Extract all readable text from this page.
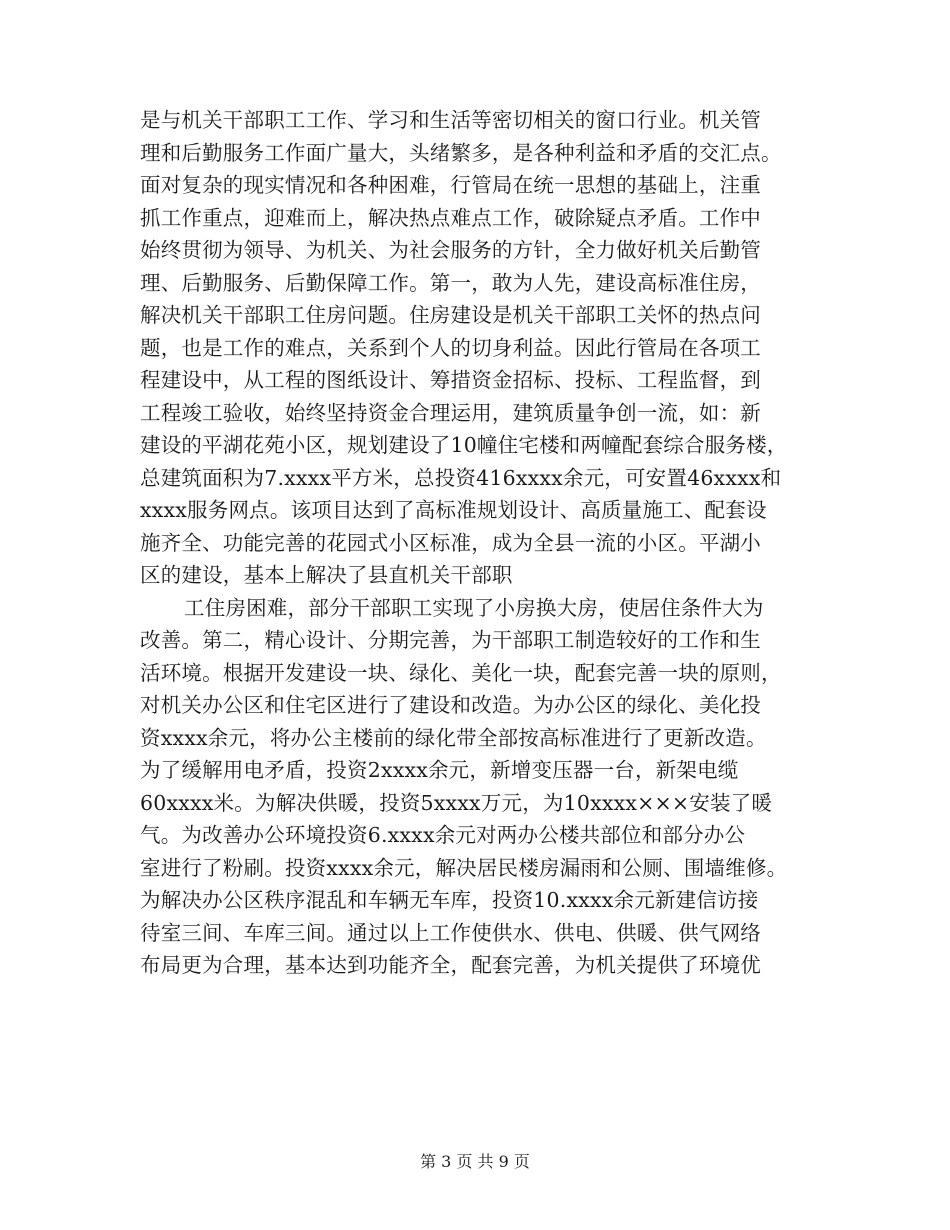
是与机关干部职工工作、学习和生活等密切相关的窗口行业。机关管
理和后勤服务工作面广量大，头绪繁多，是各种利益和矛盾的交汇点。
面对复杂的现实情况和各种困难，行管局在统一思想的基础上，注重
抓工作重点，迎难而上，解决热点难点工作，破除疑点矛盾。工作中
始终贯彻为领导、为机关、为社会服务的方针，全力做好机关后勤管
理、后勤服务、后勤保障工作。第一，敢为人先，建设高标准住房，
解决机关干部职工住房问题。住房建设是机关干部职工关怀的热点问
题，也是工作的难点，关系到个人的切身利益。因此行管局在各项工
程建设中，从工程的图纸设计、筹措资金招标、投标、工程监督，到
工程竣工验收，始终坚持资金合理运用，建筑质量争创一流，如：新
建设的平湖花苑小区，规划建设了10幢住宅楼和两幢配套综合服务楼，
总建筑面积为7.xxxx平方米，总投资416xxxx余元，可安置46xxxx和
xxxx服务网点。该项目达到了高标准规划设计、高质量施工、配套设
施齐全、功能完善的花园式小区标准，成为全县一流的小区。平湖小
区的建设，基本上解决了县直机关干部职
工住房困难，部分干部职工实现了小房换大房，使居住条件大为
改善。第二，精心设计、分期完善，为干部职工制造较好的工作和生
活环境。根据开发建设一块、绿化、美化一块，配套完善一块的原则，
对机关办公区和住宅区进行了建设和改造。为办公区的绿化、美化投
资xxxx余元，将办公主楼前的绿化带全部按高标准进行了更新改造。
为了缓解用电矛盾，投资2xxxx余元，新增变压器一台，新架电缆
60xxxx米。为解决供暖，投资5xxxx万元，为10xxxx×××安装了暖
气。为改善办公环境投资6.xxxx余元对两办公楼共部位和部分办公
室进行了粉刷。投资xxxx余元，解决居民楼房漏雨和公厕、围墙维修。
为解决办公区秩序混乱和车辆无车库，投资10.xxxx余元新建信访接
待室三间、车库三间。通过以上工作使供水、供电、供暖、供气网络
布局更为合理，基本达到功能齐全，配套完善，为机关提供了环境优
第 3 页 共 9 页
